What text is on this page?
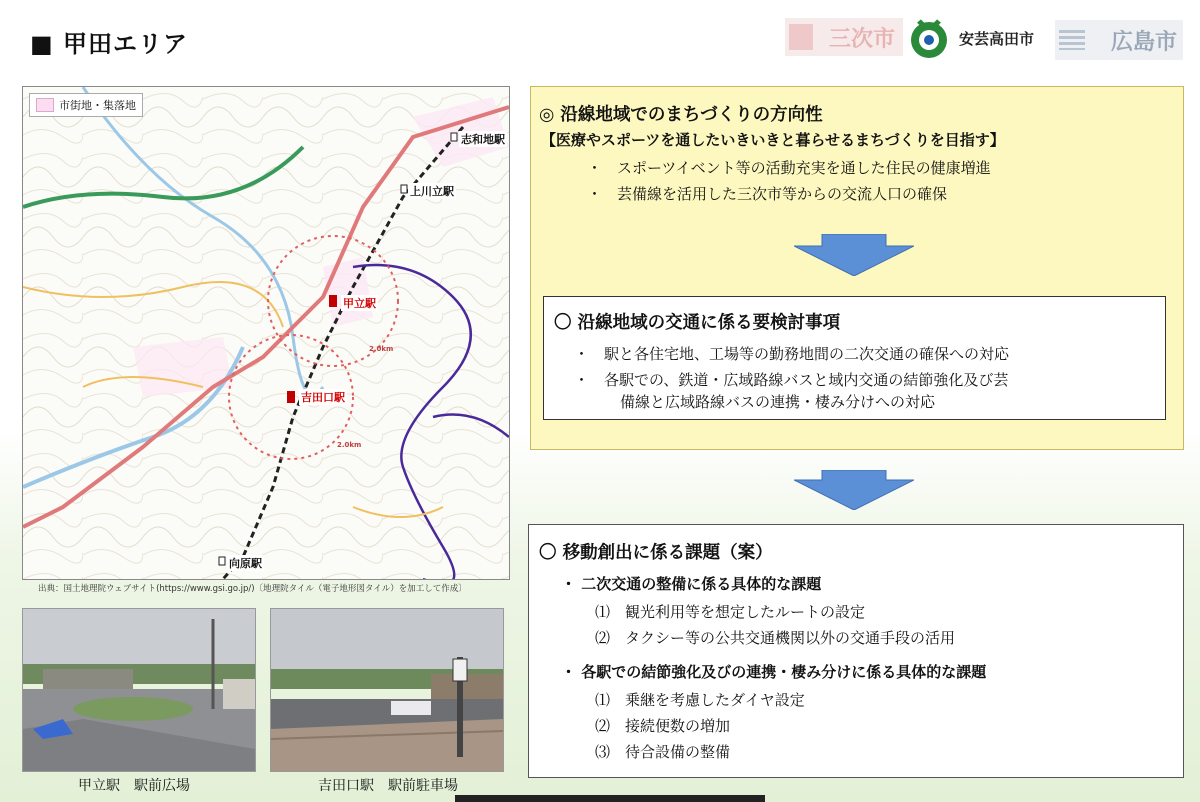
■ 甲田エリア	三次市	安芸高田市	広島市
市街地・集落地
志和地駅
上川立駅
甲立駅
吉田口駅
向原駅
2.0km
2.0km
出典：国土地理院ウェブサイト(https://www.gsi.go.jp/)〔地理院タイル（電子地形図タイル）を加工して作成〕
甲立駅　駅前広場	吉田口駅　駅前駐車場
◎ 沿線地域でのまちづくりの方向性
【医療やスポーツを通したいきいきと暮らせるまちづくりを目指す】
・　スポーツイベント等の活動充実を通した住民の健康増進
・　芸備線を活用した三次市等からの交流人口の確保
〇 沿線地域の交通に係る要検討事項
・　駅と各住宅地、工場等の勤務地間の二次交通の確保への対応
・　各駅での、鉄道・広域路線バスと域内交通の結節強化及び芸
備線と広域路線バスの連携・棲み分けへの対応
〇 移動創出に係る課題（案）
・ 二次交通の整備に係る具体的な課題
⑴　観光利用等を想定したルートの設定
⑵　タクシー等の公共交通機関以外の交通手段の活用
・ 各駅での結節強化及びの連携・棲み分けに係る具体的な課題
⑴　乗継を考慮したダイヤ設定
⑵　接続便数の増加
⑶　待合設備の整備
